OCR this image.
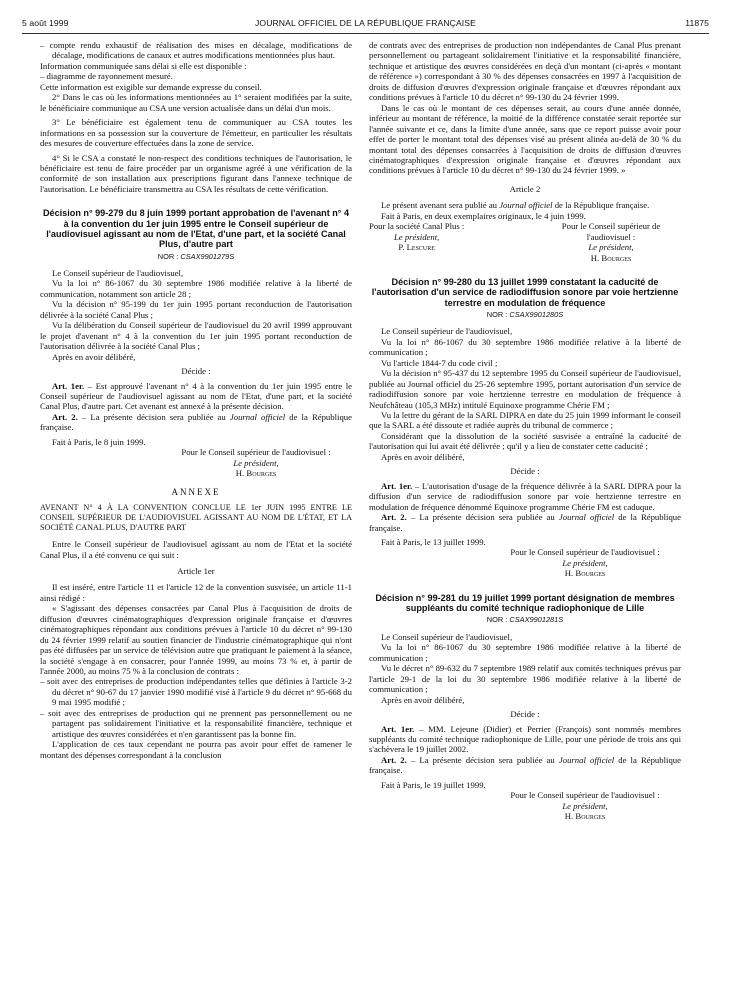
5 août 1999	JOURNAL OFFICIEL DE LA RÉPUBLIQUE FRANÇAISE	11875

– compte rendu exhaustif de réalisation des mises en décalage, modifications de décalage, modifications de canaux et autres modifications mentionnées plus haut.

Information communiquée sans délai si elle est disponible :

– diagramme de rayonnement mesuré.

Cette information est exigible sur demande expresse du conseil.

2° Dans le cas où les informations mentionnées au 1° seraient modifiées par la suite, le bénéficiaire communique au CSA une version actualisée dans un délai d'un mois.

3° Le bénéficiaire est également tenu de communiquer au CSA toutes les informations en sa possession sur la couverture de l'émetteur, en particulier les résultats des mesures de couverture effectuées dans la zone de service.

4° Si le CSA a constaté le non-respect des conditions techniques de l'autorisation, le bénéficiaire est tenu de faire procéder par un organisme agréé à une vérification de la conformité de son installation aux prescriptions figurant dans l'annexe technique de l'autorisation. Le bénéficiaire transmettra au CSA les résultats de cette vérification.

Décision n° 99-279 du 8 juin 1999 portant approbation de l'avenant n° 4 à la convention du 1er juin 1995 entre le Conseil supérieur de l'audiovisuel agissant au nom de l'Etat, d'une part, et la société Canal Plus, d'autre part

NOR : CSAX9901279S

Le Conseil supérieur de l'audiovisuel,

Vu la loi n° 86-1067 du 30 septembre 1986 modifiée relative à la liberté de communication, notamment son article 28 ;

Vu la décision n° 95-199 du 1er juin 1995 portant reconduction de l'autorisation délivrée à la société Canal Plus ;

Vu la délibération du Conseil supérieur de l'audiovisuel du 20 avril 1999 approuvant le projet d'avenant n° 4 à la convention du 1er juin 1995 portant reconduction de l'autorisation délivrée à la société Canal Plus ;

Après en avoir délibéré,

Décide :

Art. 1er. – Est approuvé l'avenant n° 4 à la convention du 1er juin 1995 entre le Conseil supérieur de l'audiovisuel agissant au nom de l'Etat, d'une part, et la société Canal Plus, d'autre part. Cet avenant est annexé à la présente décision.

Art. 2. – La présente décision sera publiée au Journal officiel de la République française.

Fait à Paris, le 8 juin 1999.

Pour le Conseil supérieur de l'audiovisuel :

Le président,

H. Bourges

ANNEXE

AVENANT N° 4 À LA CONVENTION CONCLUE LE 1er JUIN 1995 ENTRE LE CONSEIL SUPÉRIEUR DE L'AUDIOVISUEL AGISSANT AU NOM DE L'ÉTAT, ET LA SOCIÉTÉ CANAL PLUS, D'AUTRE PART

Entre le Conseil supérieur de l'audiovisuel agissant au nom de l'Etat et la société Canal Plus, il a été convenu ce qui suit :

Article 1er

Il est inséré, entre l'article 11 et l'article 12 de la convention susvisée, un article 11-1 ainsi rédigé :

« S'agissant des dépenses consacrées par Canal Plus à l'acquisition de droits de diffusion d'œuvres cinématographiques d'expression originale française et d'œuvres cinématographiques répondant aux conditions prévues à l'article 10 du décret n° 99-130 du 24 février 1999 relatif au soutien financier de l'industrie cinématographique qui n'ont pas été diffusées par un service de télévision autre que pratiquant le paiement à la séance, la société s'engage à en consacrer, pour l'année 1999, au moins 73 % et, à partir de l'année 2000, au moins 75 % à la conclusion de contrats :

– soit avec des entreprises de production indépendantes telles que définies à l'article 3-2 du décret n° 90-67 du 17 janvier 1990 modifié visé à l'article 9 du décret n° 95-668 du 9 mai 1995 modifié ;

– soit avec des entreprises de production qui ne prennent pas personnellement ou ne partagent pas solidairement l'initiative et la responsabilité financière, technique et artistique des œuvres considérées et n'en garantissent pas la bonne fin.

L'application de ces taux cependant ne pourra pas avoir pour effet de ramener le montant des dépenses correspondant à la conclusion

de contrats avec des entreprises de production non indépendantes de Canal Plus prenant personnellement ou partageant solidairement l'initiative et la responsabilité financière, technique et artistique des œuvres considérées en deçà d'un montant (ci-après « montant de référence ») correspondant à 30 % des dépenses consacrées en 1997 à l'acquisition de droits de diffusion d'œuvres d'expression originale française et d'œuvres répondant aux conditions prévues à l'article 10 du décret n° 99-130 du 24 février 1999.

Dans le cas où le montant de ces dépenses serait, au cours d'une année donnée, inférieur au montant de référence, la moitié de la différence constatée serait reportée sur l'année suivante et ce, dans la limite d'une année, sans que ce report puisse avoir pour effet de porter le montant total des dépenses visé au présent alinéa au-delà de 30 % du montant total des dépenses consacrées à l'acquisition de droits de diffusion d'œuvres cinématographiques d'expression originale française et d'œuvres répondant aux conditions prévues à l'article 10 du décret n° 99-130 du 24 février 1999. »

Article 2

Le présent avenant sera publié au Journal officiel de la République française.

Fait à Paris, en deux exemplaires originaux, le 4 juin 1999.

Pour la société Canal Plus :

Le président,

P. Lescure

Pour le Conseil supérieur de l'audiovisuel :

Le président,

H. Bourges

Décision n° 99-280 du 13 juillet 1999 constatant la caducité de l'autorisation d'un service de radiodiffusion sonore par voie hertzienne terrestre en modulation de fréquence

NOR : CSAX9901280S

Le Conseil supérieur de l'audiovisuel,

Vu la loi n° 86-1067 du 30 septembre 1986 modifiée relative à la liberté de communication ;

Vu l'article 1844-7 du code civil ;

Vu la décision n° 95-437 du 12 septembre 1995 du Conseil supérieur de l'audiovisuel, publiée au Journal officiel du 25-26 septembre 1995, portant autorisation d'un service de radiodiffusion sonore par voie hertzienne terrestre en modulation de fréquence à Neufchâteau (105,3 MHz) intitulé Equinoxe programme Chérie FM ;

Vu la lettre du gérant de la SARL DIPRA en date du 25 juin 1999 informant le conseil que la SARL a été dissoute et radiée auprès du tribunal de commerce ;

Considérant que la dissolution de la société susvisée a entraîné la caducité de l'autorisation qui lui avait été délivrée ; qu'il y a lieu de constater cette caducité ;

Après en avoir délibéré,

Décide :

Art. 1er. – L'autorisation d'usage de la fréquence délivrée à la SARL DIPRA pour la diffusion d'un service de radiodiffusion sonore par voie hertzienne terrestre en modulation de fréquence dénommé Equinoxe programme Chérie FM est caduque.

Art. 2. – La présente décision sera publiée au Journal officiel de la République française.

Fait à Paris, le 13 juillet 1999.

Pour le Conseil supérieur de l'audiovisuel :

Le président,

H. Bourges

Décision n° 99-281 du 19 juillet 1999 portant désignation de membres suppléants du comité technique radiophonique de Lille

NOR : CSAX9901281S

Le Conseil supérieur de l'audiovisuel,

Vu la loi n° 86-1067 du 30 septembre 1986 modifiée relative à la liberté de communication ;

Vu le décret n° 89-632 du 7 septembre 1989 relatif aux comités techniques prévus par l'article 29-1 de la loi du 30 septembre 1986 modifiée relative à la liberté de communication ;

Après en avoir délibéré,

Décide :

Art. 1er. – MM. Lejeune (Didier) et Perrier (François) sont nommés membres suppléants du comité technique radiophonique de Lille, pour une période de trois ans qui s'achèvera le 19 juillet 2002.

Art. 2. – La présente décision sera publiée au Journal officiel de la République française.

Fait à Paris, le 19 juillet 1999.

Pour le Conseil supérieur de l'audiovisuel :

Le président,

H. Bourges
